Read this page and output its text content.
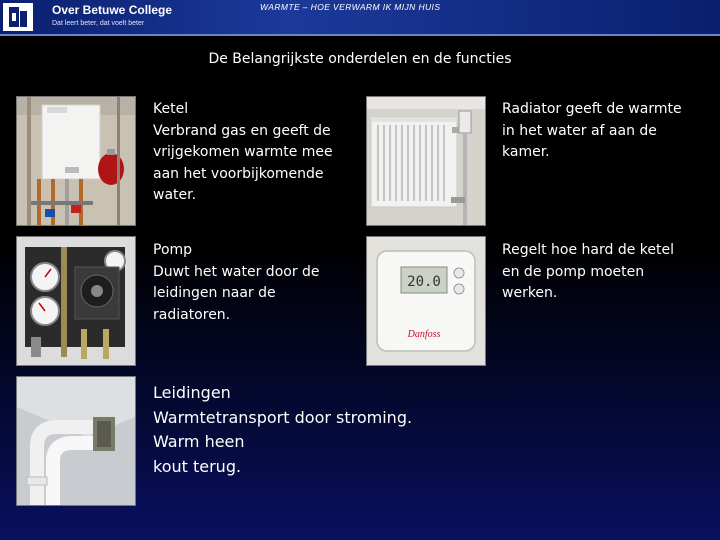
Over Betuwe College
Dat leert beter, dat voelt beter
WARMTE – HOE VERWARM IK MIJN HUIS
De Belangrijkste onderdelen en de functies
Ketel
Verbrand gas en geeft de
vrijgekomen warmte mee
aan het voorbijkomende
water.
Radiator geeft de warmte
in het water af aan de
kamer.
Pomp
Duwt het water door de
leidingen naar de
radiatoren.
20.0
Danfoss
Regelt hoe hard de ketel
en de pomp moeten
werken.
Leidingen
Warmtetransport door stroming.
Warm heen
kout terug.
